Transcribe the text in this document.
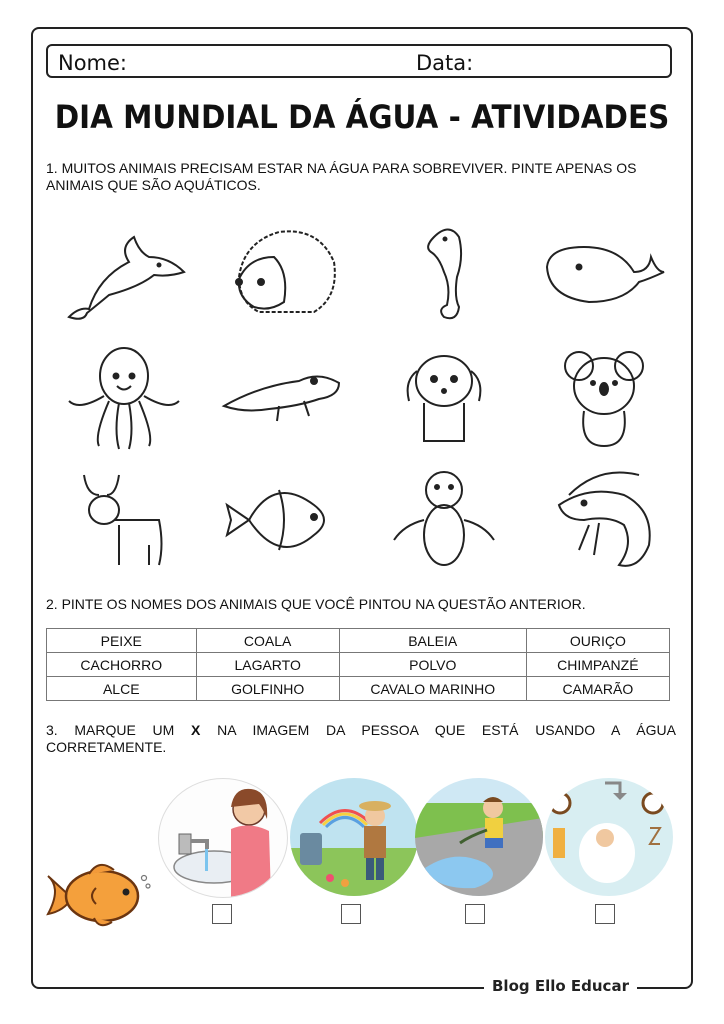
Nome:	Data:
DIA MUNDIAL DA ÁGUA - ATIVIDADES
1. MUITOS ANIMAIS PRECISAM ESTAR NA ÁGUA PARA SOBREVIVER. PINTE APENAS OS ANIMAIS QUE SÃO AQUÁTICOS.
2. PINTE OS NOMES DOS ANIMAIS QUE VOCÊ PINTOU NA QUESTÃO ANTERIOR.
PEIXE	COALA	BALEIA	OURIÇO
CACHORRO	LAGARTO	POLVO	CHIMPANZÉ
ALCE	GOLFINHO	CAVALO MARINHO	CAMARÃO
3. MARQUE UM X NA IMAGEM DA PESSOA QUE ESTÁ USANDO A ÁGUA CORRETAMENTE.
Blog Ello Educar
